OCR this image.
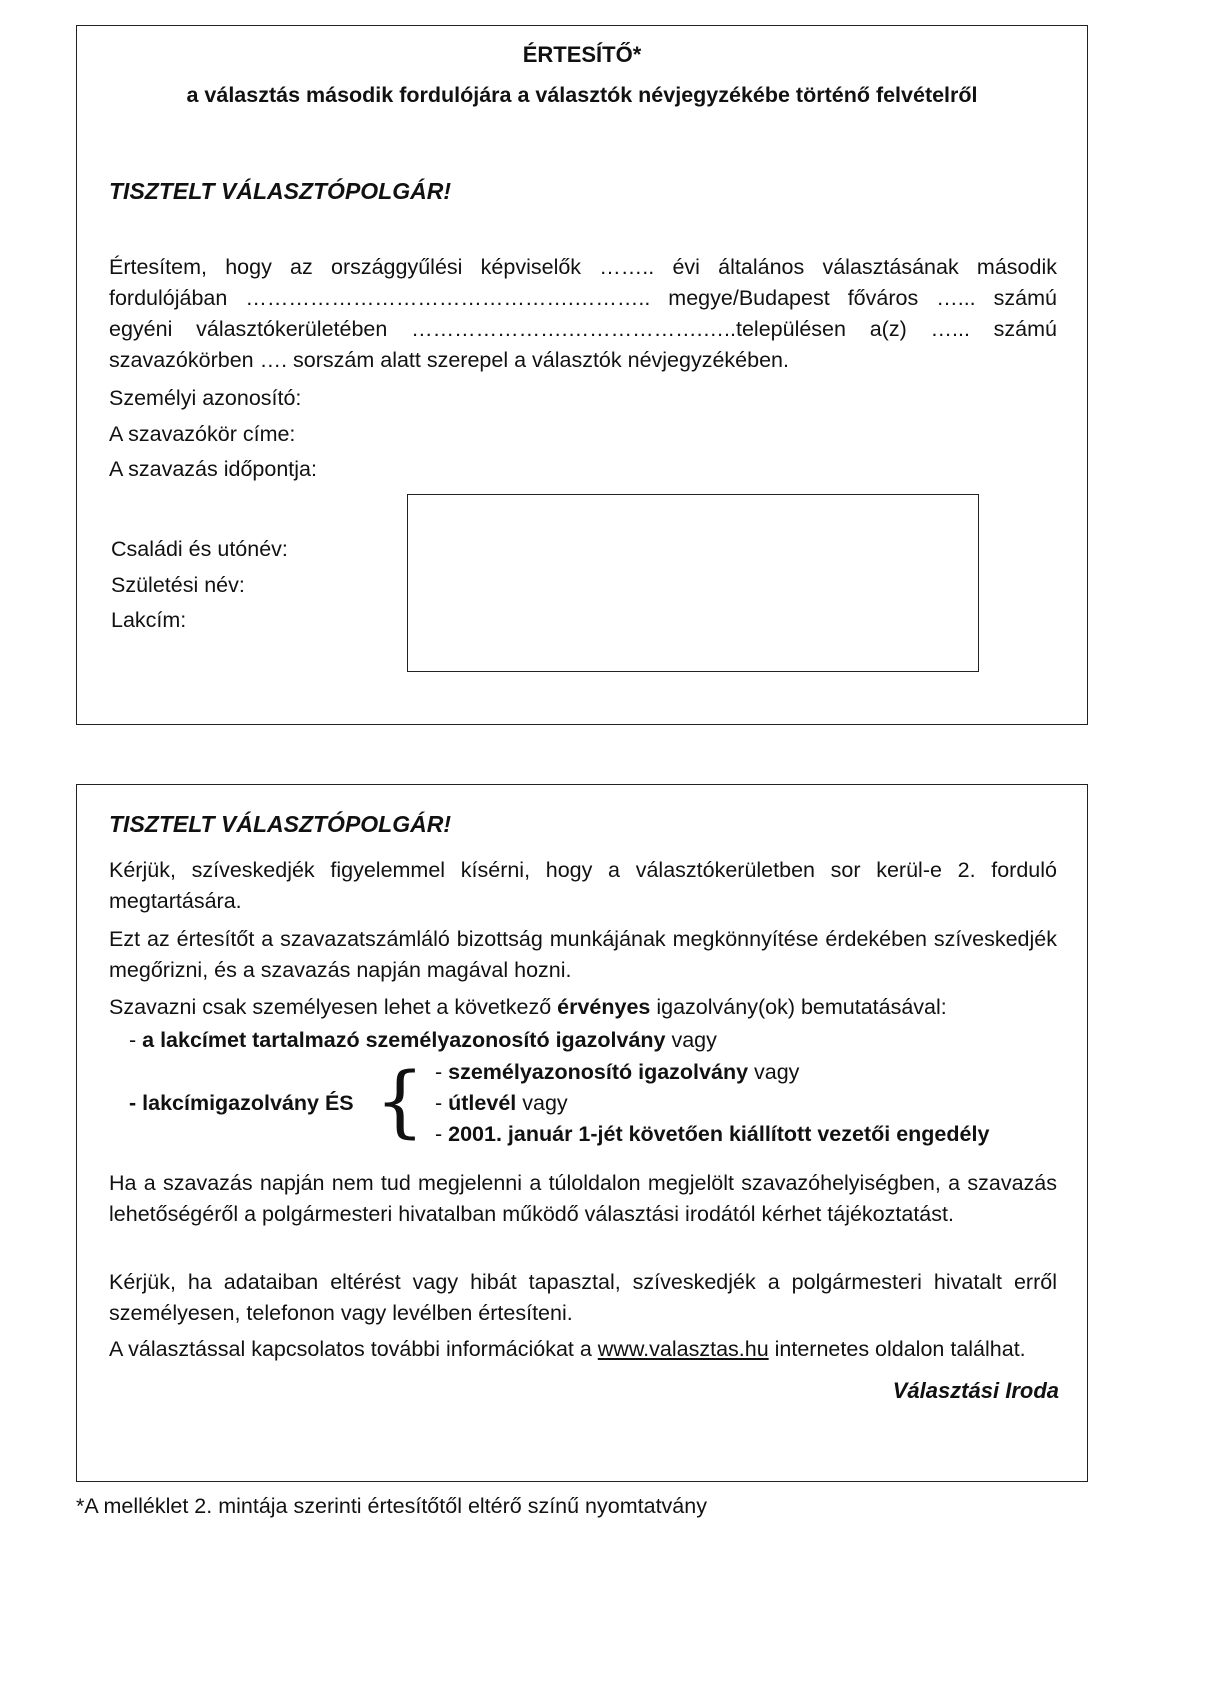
ÉRTESÍTŐ*
a választás második fordulójára a választók névjegyzékébe történő felvételről
TISZTELT VÁLASZTÓPOLGÁR!
Értesítem, hogy az országgyűlési képviselők …….. évi általános választásának második
fordulójában ……………………………………….……….. megye/Budapest főváros …... számú
egyéni választókerületében ………………….……………….…..településen a(z) …... számú
szavazókörben …. sorszám alatt szerepel a választók névjegyzékében.
Személyi azonosító:
A szavazókör címe:
A szavazás időpontja:
Családi és utónév:
Születési név:
Lakcím:
TISZTELT VÁLASZTÓPOLGÁR!

Kérjük, szíveskedjék figyelemmel kísérni, hogy a választókerületben sor kerül-e 2. forduló megtartására.

Ezt az értesítőt a szavazatszámláló bizottság munkájának megkönnyítése érdekében szíveskedjék megőrizni, és a szavazás napján magával hozni.

Szavazni csak személyesen lehet a következő érvényes igazolvány(ok) bemutatásával:
- a lakcímet tartalmazó személyazonosító igazolvány vagy
- lakcímigazolvány ÉS { - személyazonosító igazolvány vagy
- útlevél vagy
- 2001. január 1-jét követően kiállított vezetői engedély

Ha a szavazás napján nem tud megjelenni a túloldalon megjelölt szavazóhelyiségben, a szavazás lehetőségéről a polgármesteri hivatalban működő választási irodától kérhet tájékoztatást.

Kérjük, ha adataiban eltérést vagy hibát tapasztal, szíveskedjék a polgármesteri hivatalt erről személyesen, telefonon vagy levélben értesíteni.

A választással kapcsolatos további információkat a www.valasztas.hu internetes oldalon találhat.
Választási Iroda
*A melléklet 2. mintája szerinti értesítőtől eltérő színű nyomtatvány
